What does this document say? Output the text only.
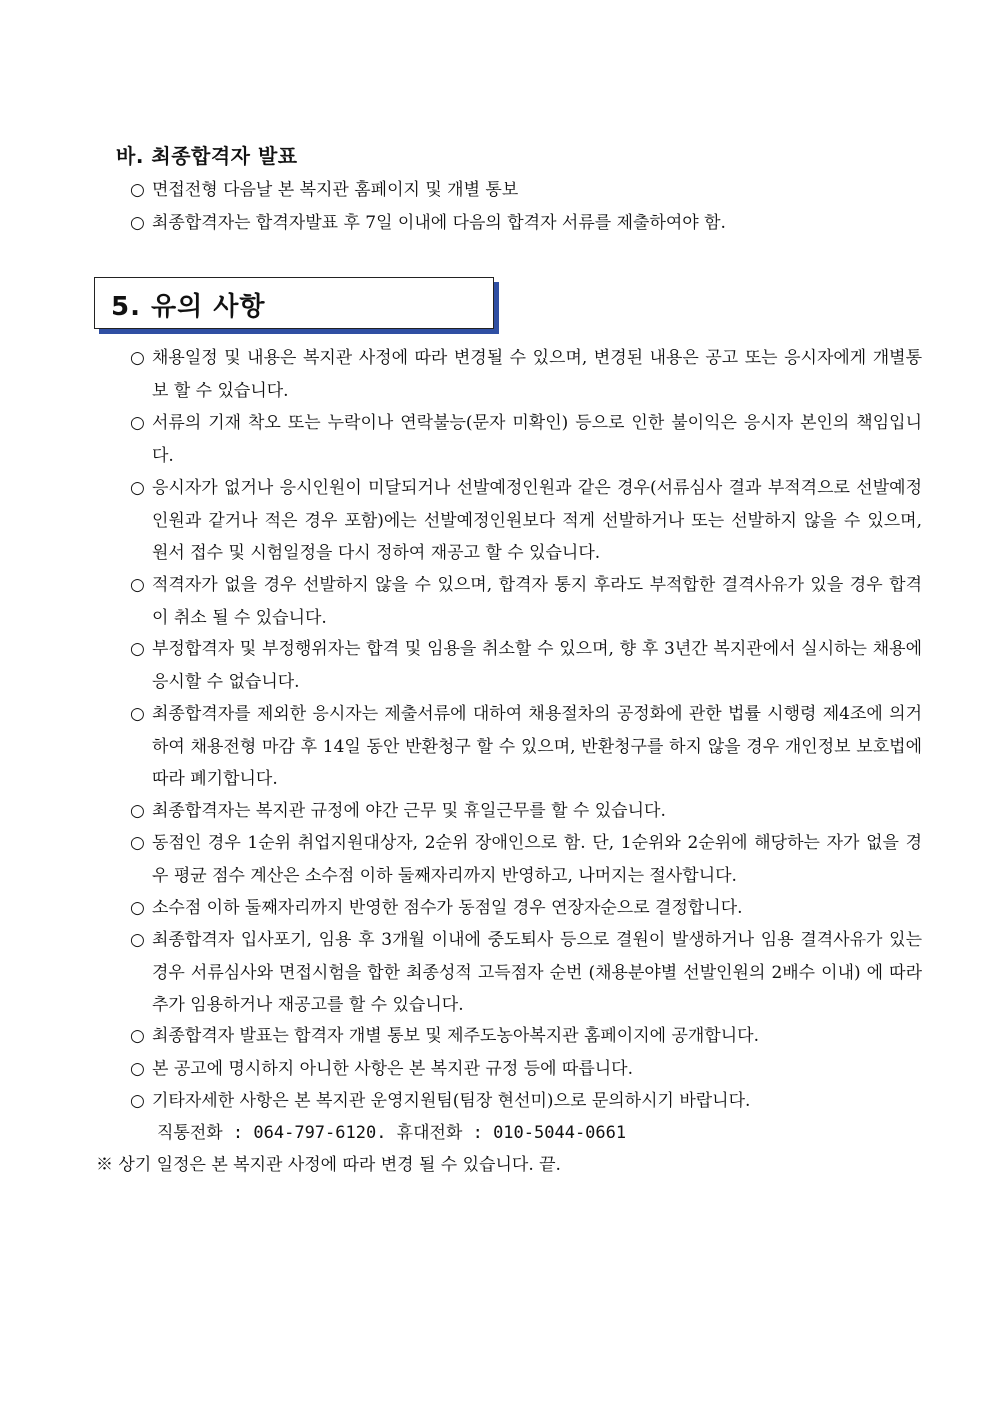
바. 최종합격자 발표
○ 면접전형 다음날 본 복지관 홈페이지 및 개별 통보
○ 최종합격자는 합격자발표 후 7일 이내에 다음의 합격자 서류를 제출하여야 함.
5. 유의 사항
○ 채용일정 및 내용은 복지관 사정에 따라 변경될 수 있으며, 변경된 내용은 공고 또는 응시자에게 개별통보 할 수 있습니다.
○ 서류의 기재 착오 또는 누락이나 연락불능(문자 미확인) 등으로 인한 불이익은 응시자 본인의 책임입니다.
○ 응시자가 없거나 응시인원이 미달되거나 선발예정인원과 같은 경우(서류심사 결과 부적격으로 선발예정인원과 같거나 적은 경우 포함)에는 선발예정인원보다 적게 선발하거나 또는 선발하지 않을 수 있으며, 원서 접수 및 시험일정을 다시 정하여 재공고 할 수 있습니다.
○ 적격자가 없을 경우 선발하지 않을 수 있으며, 합격자 통지 후라도 부적합한 결격사유가 있을 경우 합격이 취소 될 수 있습니다.
○ 부정합격자 및 부정행위자는 합격 및 임용을 취소할 수 있으며, 향 후 3년간 복지관에서 실시하는 채용에 응시할 수 없습니다.
○ 최종합격자를 제외한 응시자는 제출서류에 대하여 채용절차의 공정화에 관한 법률 시행령 제4조에 의거하여 채용전형 마감 후 14일 동안 반환청구 할 수 있으며, 반환청구를 하지 않을 경우 개인정보 보호법에 따라 폐기합니다.
○ 최종합격자는 복지관 규정에 야간 근무 및 휴일근무를 할 수 있습니다.
○ 동점인 경우 1순위 취업지원대상자, 2순위 장애인으로 함. 단, 1순위와 2순위에 해당하는 자가 없을 경우 평균 점수 계산은 소수점 이하 둘째자리까지 반영하고, 나머지는 절사합니다.
○ 소수점 이하 둘째자리까지 반영한 점수가 동점일 경우 연장자순으로 결정합니다.
○ 최종합격자 입사포기, 임용 후 3개월 이내에 중도퇴사 등으로 결원이 발생하거나 임용 결격사유가 있는 경우 서류심사와 면접시험을 합한 최종성적 고득점자 순번 (채용분야별 선발인원의 2배수 이내) 에 따라 추가 임용하거나 재공고를 할 수 있습니다.
○ 최종합격자 발표는 합격자 개별 통보 및 제주도농아복지관 홈페이지에 공개합니다.
○ 본 공고에 명시하지 아니한 사항은 본 복지관 규정 등에 따릅니다.
○ 기타자세한 사항은 본 복지관 운영지원팀(팀장 현선미)으로 문의하시기 바랍니다.
직통전화 : 064-797-6120. 휴대전화 : 010-5044-0661
※ 상기 일정은 본 복지관 사정에 따라 변경 될 수 있습니다. 끝.
